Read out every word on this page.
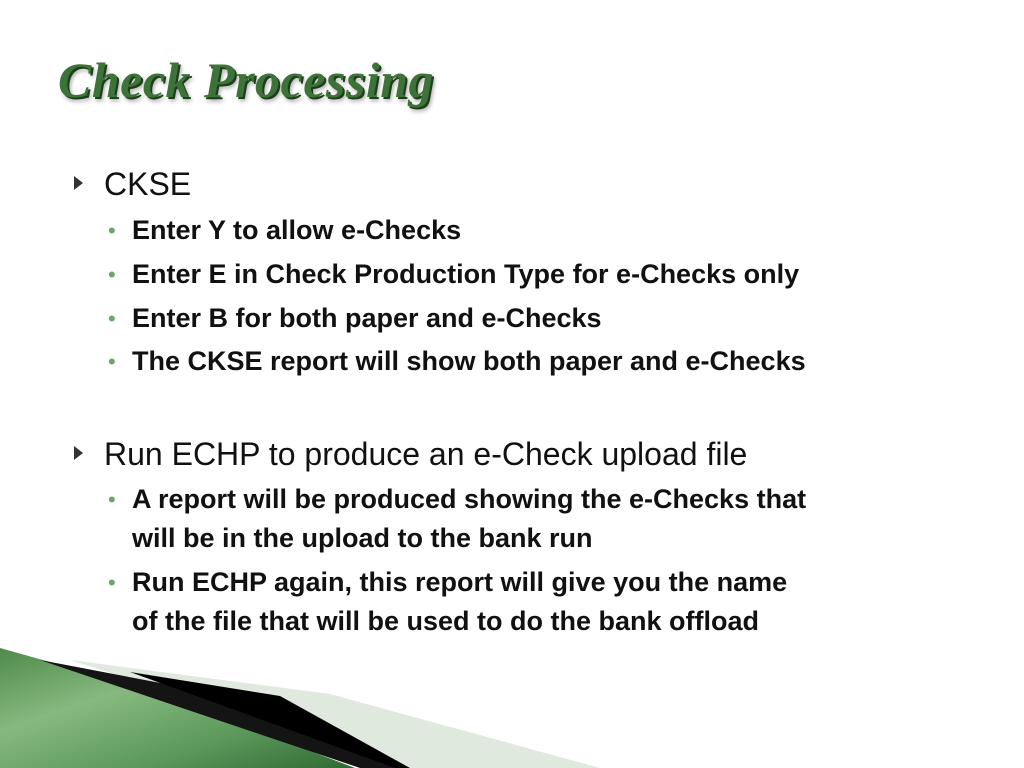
Check Processing
CKSE
• Enter Y to allow e-Checks
• Enter E in Check Production Type for e-Checks only
• Enter B for both paper and e-Checks
• The CKSE report will show both paper and e-Checks
Run ECHP to produce an e-Check upload file
• A report will be produced showing the e-Checks that
will be in the upload to the bank run
• Run ECHP again, this report will give you the name
of the file that will be used to do the bank offload
